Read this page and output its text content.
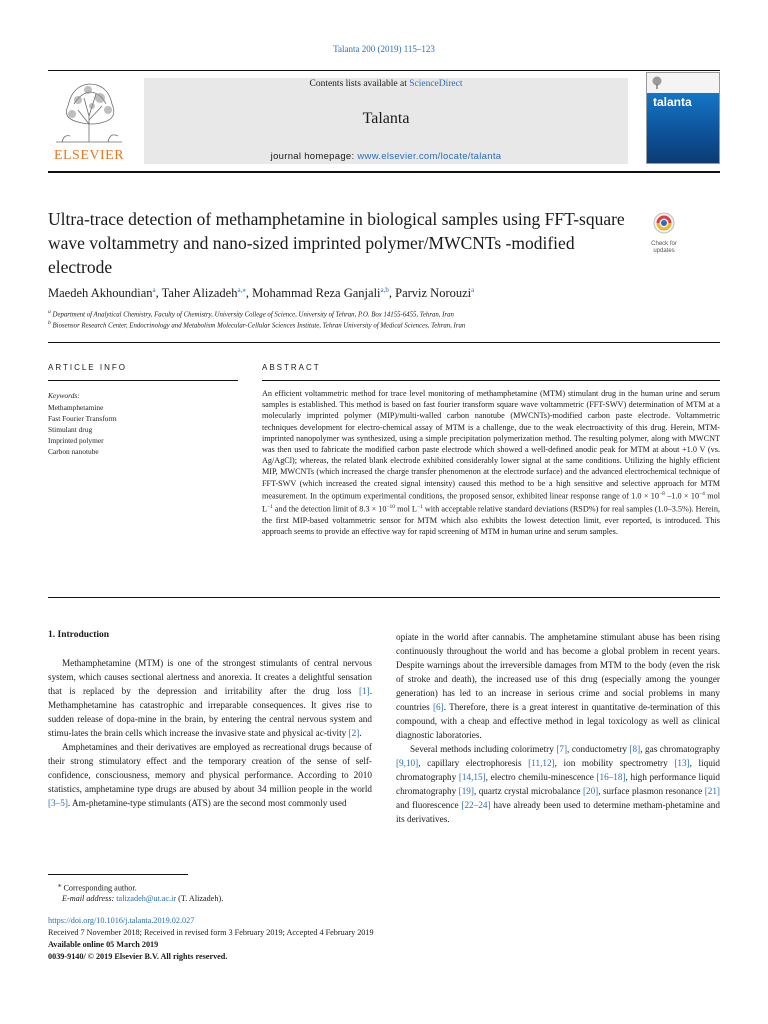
Talanta 200 (2019) 115–123
ELSEVIER
Contents lists available at ScienceDirect
Talanta
journal homepage: www.elsevier.com/locate/talanta
talanta
Ultra-trace detection of methamphetamine in biological samples using FFT-square wave voltammetry and nano-sized imprinted polymer/MWCNTs -modified electrode
Check for updates
Maedeh Akhoundian$^a$, Taher Alizadeh$^{a,⁎}$, Mohammad Reza Ganjali$^{a,b}$, Parviz Norouzi$^a$
$^a$ Department of Analytical Chemistry, Faculty of Chemistry, University College of Science, University of Tehran, P.O. Box 14155-6455, Tehran, Iran
$^b$ Biosensor Research Center, Endocrinology and Metabolism Molecular-Cellular Sciences Institute, Tehran University of Medical Sciences, Tehran, Iran
ARTICLE INFO
Keywords:
Methamphetamine
Fast Fourier Transform
Stimulant drug
Imprinted polymer
Carbon nanotube
ABSTRACT
An efficient voltammetric method for trace level monitoring of methamphetamine (MTM) stimulant drug in the human urine and serum samples is established. This method is based on fast fourier transform square wave voltammetric (FFT-SWV) determination of MTM at a molecularly imprinted polymer (MIP)/multi-walled carbon nanotube (MWCNTs)-modified carbon paste electrode. Voltammetric techniques development for electro-chemical assay of MTM is a challenge, due to the weak electroactivity of this drug. Herein, MTM-imprinted nanopolymer was synthesized, using a simple precipitation polymerization method. The resulting polymer, along with MWCNT was then used to fabricate the modified carbon paste electrode which showed a well-defined anodic peak for MTM at about +1.0 V (vs. Ag/AgCl); whereas, the related blank electrode exhibited considerably lower signal at the same conditions. Utilizing the highly efficient MIP, MWCNTs (which increased the charge transfer phenomenon at the electrode surface) and the advanced electrochemical technique of FFT-SWV (which increased the created signal intensity) caused this method to be a high sensitive and selective approach for MTM measurement. In the optimum experimental conditions, the proposed sensor, exhibited linear response range of $1.0 \times 10^{-8}$ $-1.0 \times 10^{-4}$ mol $L^{-1}$ and the detection limit of $8.3 \times 10^{-10}$ mol $L^{-1}$ with acceptable relative standard deviations (RSD%) for real samples (1.0–3.5%). Herein, the first MIP-based voltammetric sensor for MTM which also exhibits the lowest detection limit, ever reported, is introduced. This approach seems to provide an effective way for rapid screening of MTM in human urine and serum samples.
1. Introduction

Methamphetamine (MTM) is one of the strongest stimulants of central nervous system, which causes sectional alertness and anorexia. It creates a delightful sensation that is replaced by the depression and irritability after the drug loss [1]. Methamphetamine has catastrophic and irreparable consequences. It gives rise to sudden release of dopa-mine in the brain, by entering the central nervous system and stimu-lates the brain cells which increase the invasive state and physical ac-tivity [2].

Amphetamines and their derivatives are employed as recreational drugs because of their strong stimulatory effect and the temporary creation of the sense of self-confidence, consciousness, memory and physical performance. According to 2010 statistics, amphetamine type drugs are abused by about 34 million people in the world [3–5]. Am-phetamine-type stimulants (ATS) are the second most commonly used

opiate in the world after cannabis. The amphetamine stimulant abuse has been rising continuously throughout the world and has become a global problem in recent years. Despite warnings about the irreversible damages from MTM to the body (even the risk of stroke and death), the increased use of this drug (especially among the younger generation) has led to an increase in serious crime and social problems in many countries [6]. Therefore, there is a great interest in quantitative de-termination of this compound, with a cheap and effective method in legal toxicology as well as clinical diagnostic laboratories.

Several methods including colorimetry [7], conductometry [8], gas chromatography [9,10], capillary electrophoresis [11,12], ion mobility spectrometry [13], liquid chromatography [14,15], electro chemilu-minescence [16–18], high performance liquid chromatography [19], quartz crystal microbalance [20], surface plasmon resonance [21] and fluorescence [22–24] have already been used to determine metham-phetamine and its derivatives.

⁎ Corresponding author.
E-mail address: talizadeh@ut.ac.ir (T. Alizadeh).
https://doi.org/10.1016/j.talanta.2019.02.027
Received 7 November 2018; Received in revised form 3 February 2019; Accepted 4 February 2019
Available online 05 March 2019
0039-9140/ © 2019 Elsevier B.V. All rights reserved.
